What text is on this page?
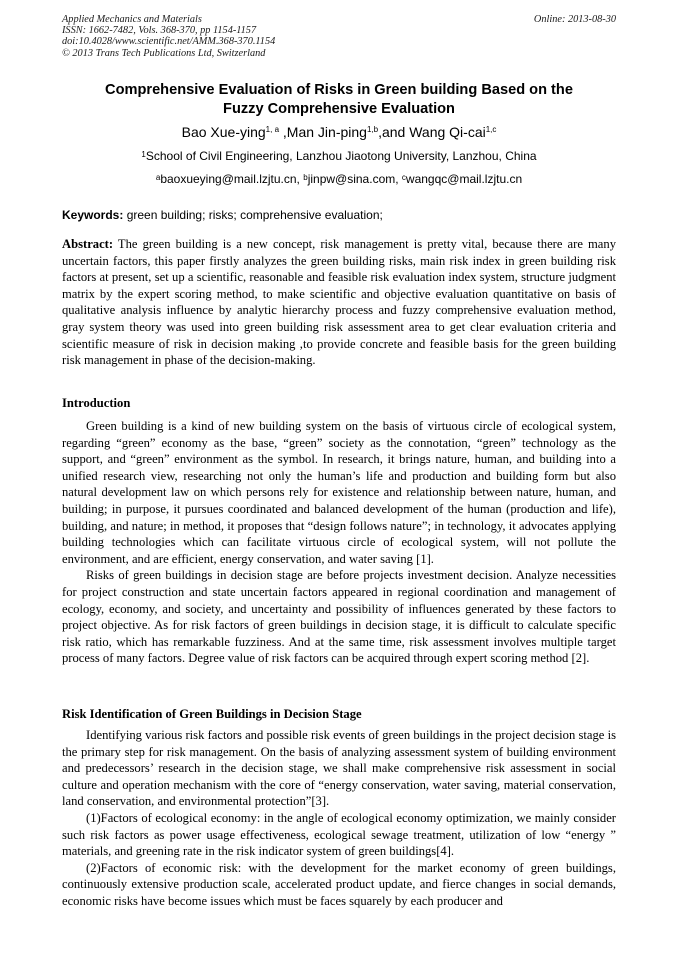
Applied Mechanics and Materials
ISSN: 1662-7482, Vols. 368-370, pp 1154-1157
doi:10.4028/www.scientific.net/AMM.368-370.1154
© 2013 Trans Tech Publications Ltd, Switzerland
Online: 2013-08-30
Comprehensive Evaluation of Risks in Green building Based on the
Fuzzy Comprehensive Evaluation
Bao Xue-ying$^{1, a}$ ,Man Jin-ping$^{1,b}$,and Wang Qi-cai$^{1,c}$
$^1$School of Civil Engineering, Lanzhou Jiaotong University, Lanzhou, China
$^a$baoxueying@mail.lzjtu.cn, $^b$jinpw@sina.com, $^c$wangqc@mail.lzjtu.cn
Keywords: green building; risks; comprehensive evaluation;

Abstract: The green building is a new concept, risk management is pretty vital, because there are many uncertain factors, this paper firstly analyzes the green building risks, main risk index in green building risk factors at present, set up a scientific, reasonable and feasible risk evaluation index system, structure judgment matrix by the expert scoring method, to make scientific and objective evaluation quantitative on basis of qualitative analysis influence by analytic hierarchy process and fuzzy comprehensive evaluation method, gray system theory was used into green building risk assessment area to get clear evaluation criteria and scientific measure of risk in decision making ,to provide concrete and feasible basis for the green building risk management in phase of the decision-making.

Introduction

Green building is a kind of new building system on the basis of virtuous circle of ecological system, regarding “green” economy as the base, “green” society as the connotation, “green” technology as the support, and “green” environment as the symbol. In research, it brings nature, human, and building into a unified research view, researching not only the human’s life and production and building form but also natural development law on which persons rely for existence and relationship between nature, human, and building; in purpose, it pursues coordinated and balanced development of the human (production and life), building, and nature; in method, it proposes that “design follows nature”; in technology, it advocates applying building technologies which can facilitate virtuous circle of ecological system, will not pollute the environment, and are efficient, energy conservation, and water saving [1].

Risks of green buildings in decision stage are before projects investment decision. Analyze necessities for project construction and state uncertain factors appeared in regional coordination and management of ecology, economy, and society, and uncertainty and possibility of influences generated by these factors to project objective. As for risk factors of green buildings in decision stage, it is difficult to calculate specific risk ratio, which has remarkable fuzziness. And at the same time, risk assessment involves multiple target process of many factors. Degree value of risk factors can be acquired through expert scoring method [2].

Risk Identification of Green Buildings in Decision Stage

Identifying various risk factors and possible risk events of green buildings in the project decision stage is the primary step for risk management. On the basis of analyzing assessment system of building environment and predecessors’ research in the decision stage, we shall make comprehensive risk assessment in social culture and operation mechanism with the core of “energy conservation, water saving, material conservation, land conservation, and environmental protection”[3].

(1)Factors of ecological economy: in the angle of ecological economy optimization, we mainly consider such risk factors as power usage effectiveness, ecological sewage treatment, utilization of low “energy ” materials, and greening rate in the risk indicator system of green buildings[4].

(2)Factors of economic risk: with the development for the market economy of green buildings, continuously extensive production scale, accelerated product update, and fierce changes in social demands, economic risks have become issues which must be faces squarely by each producer and
